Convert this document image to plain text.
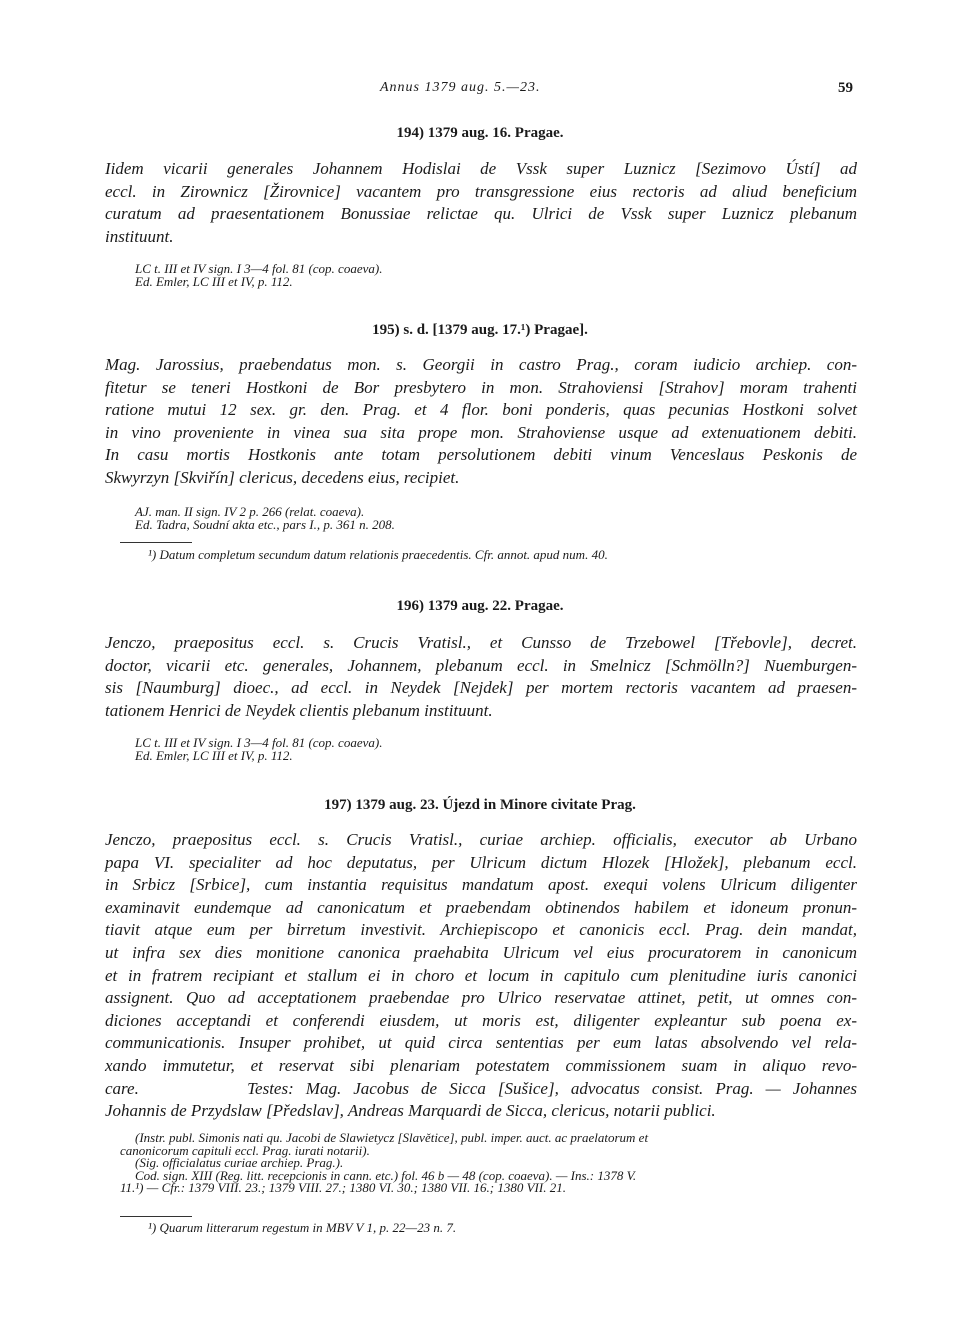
Annus 1379 aug. 5.—23.	59
194) 1379 aug. 16. Pragae.
Iidem vicarii generales Johannem Hodislai de Vssk super Luznicz [Sezimovo Ústí] ad
eccl. in Zirownicz [Žirovnice] vacantem pro transgressione eius rectoris ad aliud beneficium
curatum ad praesentationem Bonussiae relictae qu. Ulrici de Vssk super Luznicz plebanum
instituunt.
LC t. III et IV sign. I 3—4 fol. 81 (cop. coaeva).
Ed. Emler, LC III et IV, p. 112.
195) s. d. [1379 aug. 17.¹) Pragae].
Mag. Jarossius, praebendatus mon. s. Georgii in castro Prag., coram iudicio archiep. con-
fitetur se teneri Hostkoni de Bor presbytero in mon. Strahoviensi [Strahov] moram trahenti
ratione mutui 12 sex. gr. den. Prag. et 4 flor. boni ponderis, quas pecunias Hostkoni solvet
in vino proveniente in vinea sua sita prope mon. Strahoviense usque ad extenuationem debiti.
In casu mortis Hostkonis ante totam persolutionem debiti vinum Venceslaus Peskonis de
Skwyrzyn [Skviřín] clericus, decedens eius, recipiet.
AJ. man. II sign. IV 2 p. 266 (relat. coaeva).
Ed. Tadra, Soudní akta etc., pars I., p. 361 n. 208.
¹) Datum completum secundum datum relationis praecedentis. Cfr. annot. apud num. 40.
196) 1379 aug. 22. Pragae.
Jenczo, praepositus eccl. s. Crucis Vratisl., et Cunsso de Trzebowel [Třebovle], decret.
doctor, vicarii etc. generales, Johannem, plebanum eccl. in Smelnicz [Schmölln?] Nuemburgen-
sis [Naumburg] dioec., ad eccl. in Neydek [Nejdek] per mortem rectoris vacantem ad praesen-
tationem Henrici de Neydek clientis plebanum instituunt.
LC t. III et IV sign. I 3—4 fol. 81 (cop. coaeva).
Ed. Emler, LC III et IV, p. 112.
197) 1379 aug. 23. Újezd in Minore civitate Prag.
Jenczo, praepositus eccl. s. Crucis Vratisl., curiae archiep. officialis, executor ab Urbano
papa VI. specialiter ad hoc deputatus, per Ulricum dictum Hlozek [Hložek], plebanum eccl.
in Srbicz [Srbice], cum instantia requisitus mandatum apost. exequi volens Ulricum diligenter
examinavit eundemque ad canonicatum et praebendam obtinendos habilem et idoneum pronun-
tiavit atque eum per birretum investivit. Archiepiscopo et canonicis eccl. Prag. dein mandat,
ut infra sex dies monitione canonica praehabita Ulricum vel eius procuratorem in canonicum
et in fratrem recipiant et stallum ei in choro et locum in capitulo cum plenitudine iuris canonici
assignent. Quo ad acceptationem praebendae pro Ulrico reservatae attinet, petit, ut omnes con-
diciones acceptandi et conferendi eiusdem, ut moris est, diligenter expleantur sub poena ex-
communicationis. Insuper prohibet, ut quid circa sententias per eum latas absolvendo vel rela-
xando immutetur, et reservat sibi plenariam potestatem commissionem suam in aliquo revo-
care.         Testes: Mag. Jacobus de Sicca [Sušice], advocatus consist. Prag. — Johannes
Johannis de Przydslaw [Předslav], Andreas Marquardi de Sicca, clericus, notarii publici.
(Instr. publ. Simonis nati qu. Jacobi de Slawietycz [Slavětice], publ. imper. auct. ac praelatorum et
canonicorum capituli eccl. Prag. iurati notarii).
(Sig. officialatus curiae archiep. Prag.).
Cod. sign. XIII (Reg. litt. recepcionis in cann. etc.) fol. 46 b — 48 (cop. coaeva). — Ins.: 1378 V.
11.¹) — Cfr.: 1379 VIII. 23.; 1379 VIII. 27.; 1380 VI. 30.; 1380 VII. 16.; 1380 VII. 21.
¹) Quarum litterarum regestum in MBV V 1, p. 22—23 n. 7.
